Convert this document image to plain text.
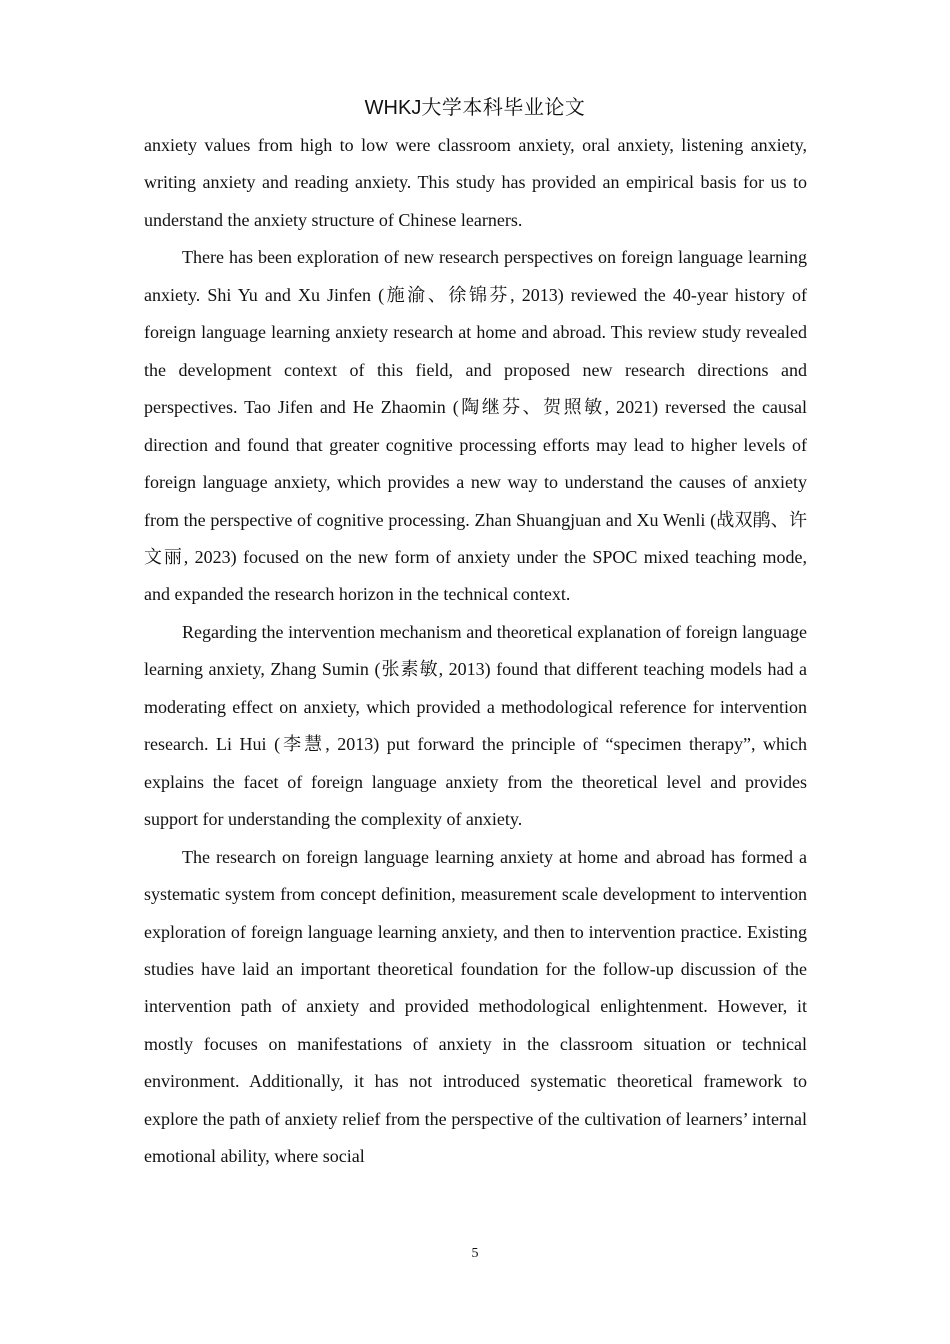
WHKJ大学本科毕业论文

anxiety values from high to low were classroom anxiety, oral anxiety, listening anxiety, writing anxiety and reading anxiety. This study has provided an empirical basis for us to understand the anxiety structure of Chinese learners.

There has been exploration of new research perspectives on foreign language learning anxiety. Shi Yu and Xu Jinfen (施渝、徐锦芬, 2013) reviewed the 40-year history of foreign language learning anxiety research at home and abroad. This review study revealed the development context of this field, and proposed new research directions and perspectives. Tao Jifen and He Zhaomin (陶继芬、贺照敏, 2021) reversed the causal direction and found that greater cognitive processing efforts may lead to higher levels of foreign language anxiety, which provides a new way to understand the causes of anxiety from the perspective of cognitive processing. Zhan Shuangjuan and Xu Wenli (战双鹃、许文丽, 2023) focused on the new form of anxiety under the SPOC mixed teaching mode, and expanded the research horizon in the technical context.

Regarding the intervention mechanism and theoretical explanation of foreign language learning anxiety, Zhang Sumin (张素敏, 2013) found that different teaching models had a moderating effect on anxiety, which provided a methodological reference for intervention research. Li Hui (李慧, 2013) put forward the principle of “specimen therapy”, which explains the facet of foreign language anxiety from the theoretical level and provides support for understanding the complexity of anxiety.

The research on foreign language learning anxiety at home and abroad has formed a systematic system from concept definition, measurement scale development to intervention exploration of foreign language learning anxiety, and then to intervention practice. Existing studies have laid an important theoretical foundation for the follow-up discussion of the intervention path of anxiety and provided methodological enlightenment. However, it mostly focuses on manifestations of anxiety in the classroom situation or technical environment. Additionally, it has not introduced systematic theoretical framework to explore the path of anxiety relief from the perspective of the cultivation of learners’ internal emotional ability, where social

5
